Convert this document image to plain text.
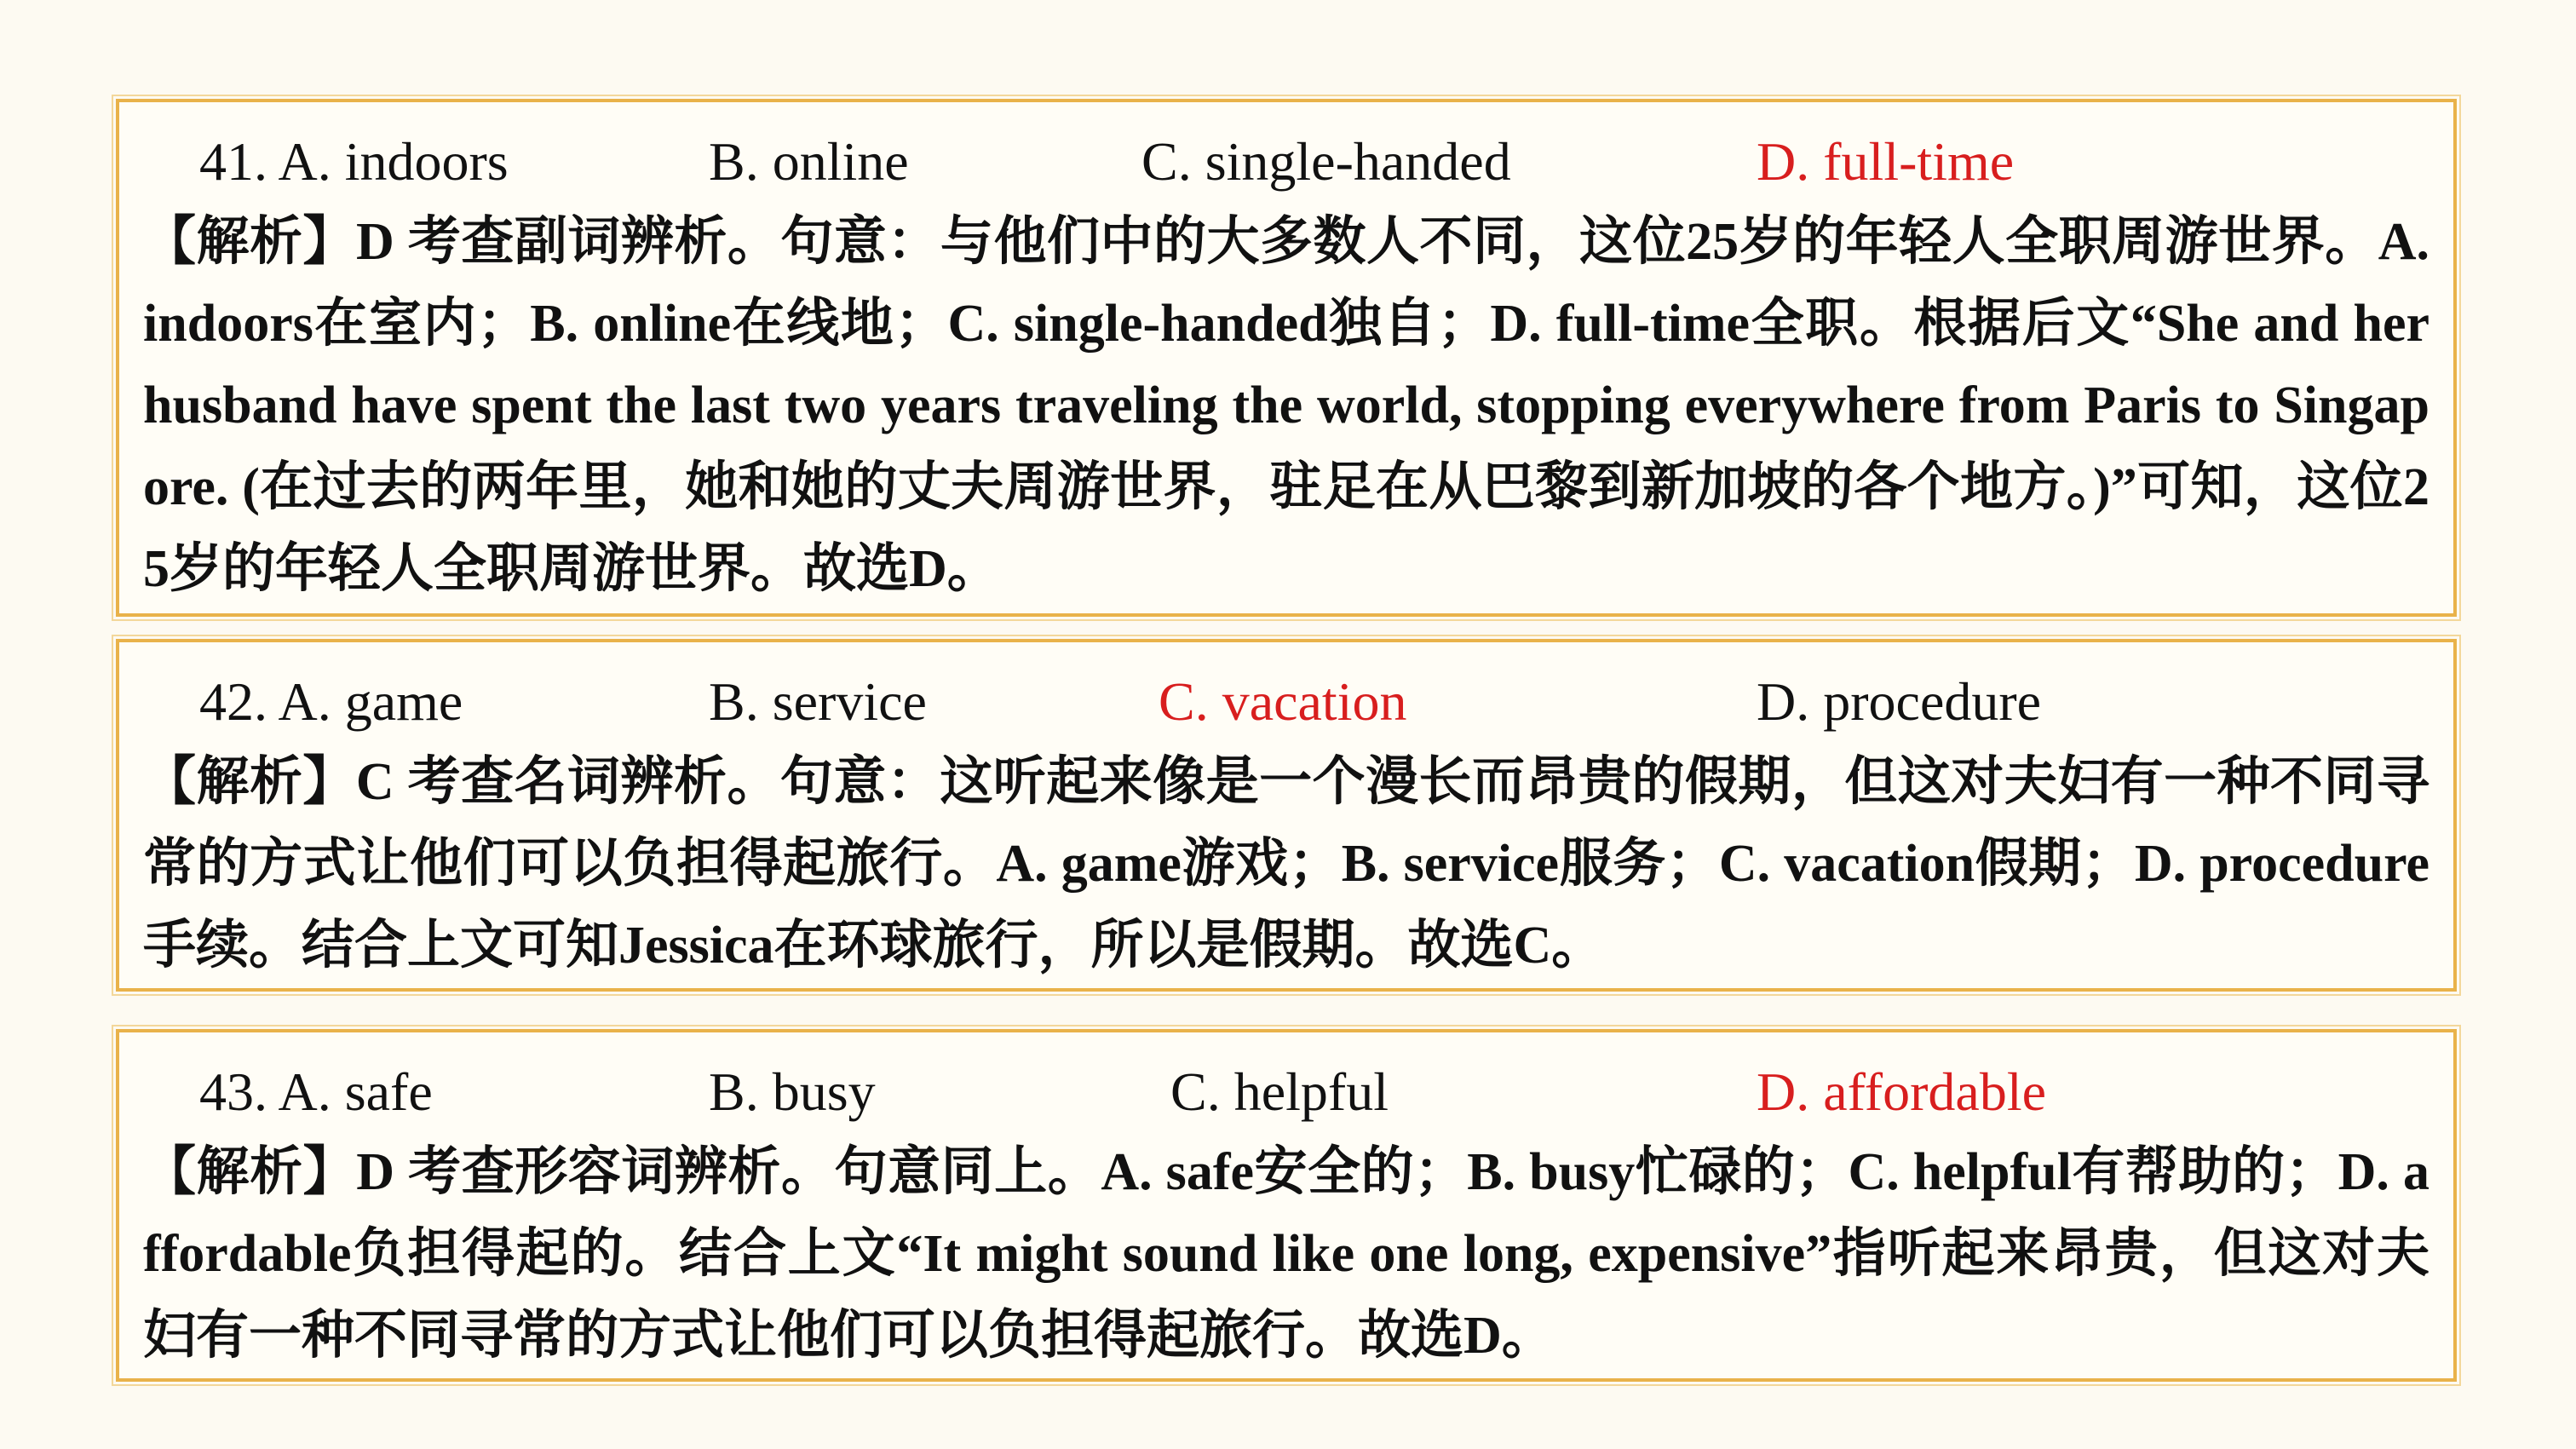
41. A. indoors	B. online	C. single-handed	D. full-time
【解析】D 考查副词辨析。句意：与他们中的大多数人不同，这位25岁的年轻人全职周游世界。A. indoors在室内；B. online在线地；C. single-handed独自；D. full-time全职。根据后文“She and her husband have spent the last two years traveling the world, stopping everywhere from Paris to Singapore. (在过去的两年里，她和她的丈夫周游世界，驻足在从巴黎到新加坡的各个地方。)”可知，这位25岁的年轻人全职周游世界。故选D。
42. A. game	B. service	C. vacation	D. procedure
【解析】C 考查名词辨析。句意：这听起来像是一个漫长而昂贵的假期，但这对夫妇有一种不同寻常的方式让他们可以负担得起旅行。A. game游戏；B. service服务；C. vacation假期；D. procedure手续。结合上文可知Jessica在环球旅行，所以是假期。故选C。
43. A. safe	B. busy	C. helpful	D. affordable
【解析】D 考查形容词辨析。句意同上。A. safe安全的；B. busy忙碌的；C. helpful有帮助的；D. affordable负担得起的。结合上文“It might sound like one long, expensive”指听起来昂贵，但这对夫妇有一种不同寻常的方式让他们可以负担得起旅行。故选D。
